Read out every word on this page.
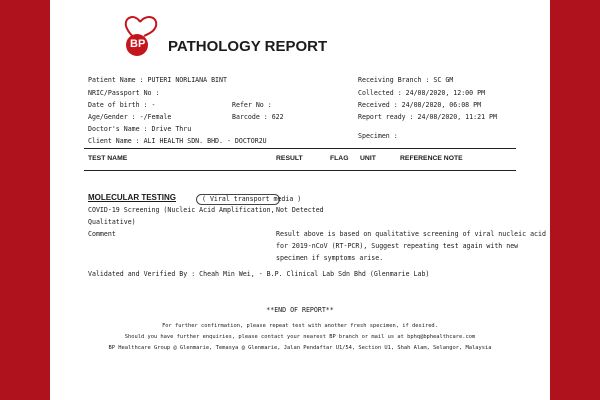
BP PATHOLOGY REPORT
Patient Name : PUTERI NORLIANA BINT
NRIC/Passport No :
Date of birth : -
Age/Gender : -/Female
Doctor's Name : Drive Thru
Client Name : ALI HEALTH SDN. BHD. - DOCTOR2U
Refer No :
Barcode : 622
Receiving Branch : SC GM
Collected : 24/08/2020, 12:00 PM
Received : 24/08/2020, 06:08 PM
Report ready : 24/08/2020, 11:21 PM
Specimen :
TEST NAME	RESULT	FLAG UNIT	REFERENCE NOTE
MOLECULAR TESTING	( Viral transport media )
COVID-19 Screening (Nucleic Acid Amplification,
Qualitative)
Not Detected
Comment	Result above is based on qualitative screening of viral nucleic acid
for 2019-nCoV (RT-PCR), Suggest repeating test again with new
specimen if symptoms arise.
Validated and Verified By : Cheah Min Wei, - B.P. Clinical Lab Sdn Bhd (Glenmarie Lab)
**END OF REPORT**
For further confirmation, please repeat test with another fresh specimen, if desired.
Should you have further enquiries, please contact your nearest BP branch or mail us at bphq@bphealthcare.com
BP Healthcare Group @ Glenmarie, Temasya @ Glenmarie, Jalan Pendaftar U1/54, Section U1, Shah Alam, Selangor, Malaysia
